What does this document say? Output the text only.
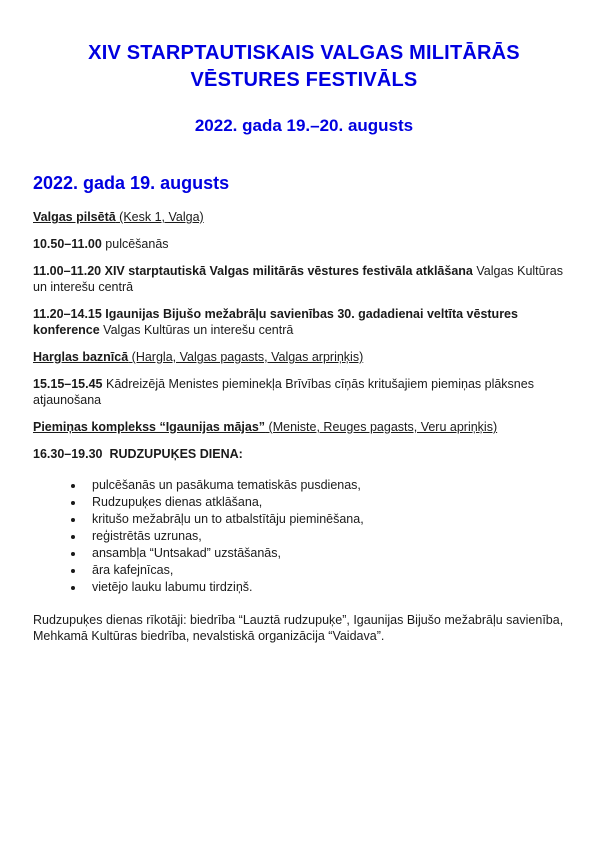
XIV STARPTAUTISKAIS VALGAS MILITĀRĀS
VĒSTURES FESTIVĀLS
2022. gada 19.–20. augusts
2022. gada 19. augusts

Valgas pilsētā (Kesk 1, Valga)

10.50–11.00 pulcēšanās

11.00–11.20 XIV starptautiskā Valgas militārās vēstures festivāla atklāšana Valgas Kultūras un interešu centrā

11.20–14.15 Igaunijas Bijušo mežabrāļu savienības 30. gadadienai veltīta vēstures konference Valgas Kultūras un interešu centrā

Harglas baznīcā (Hargla, Valgas pagasts, Valgas arpriņķis)

15.15–15.45 Kādreizējā Menistes pieminekļa Brīvības cīņās kritušajiem piemiņas plāksnes atjaunošana

Piemiņas komplekss “Igaunijas mājas” (Meniste, Reuges pagasts, Veru apriņķis)

16.30–19.30  RUDZUPUĶES DIENA:

• pulcēšanās un pasākuma tematiskās pusdienas,
• Rudzupuķes dienas atklāšana,
• kritušo mežabrāļu un to atbalstītāju pieminēšana,
• reģistrētās uzrunas,
• ansambļa “Untsakad” uzstāšanās,
• āra kafejnīcas,
• vietējo lauku labumu tirdziņš.

Rudzupuķes dienas rīkotāji: biedrība “Lauztā rudzupuķe”, Igaunijas Bijušo mežabrāļu savienība, Mehkamā Kultūras biedrība, nevalstiskā organizācija “Vaidava”.
